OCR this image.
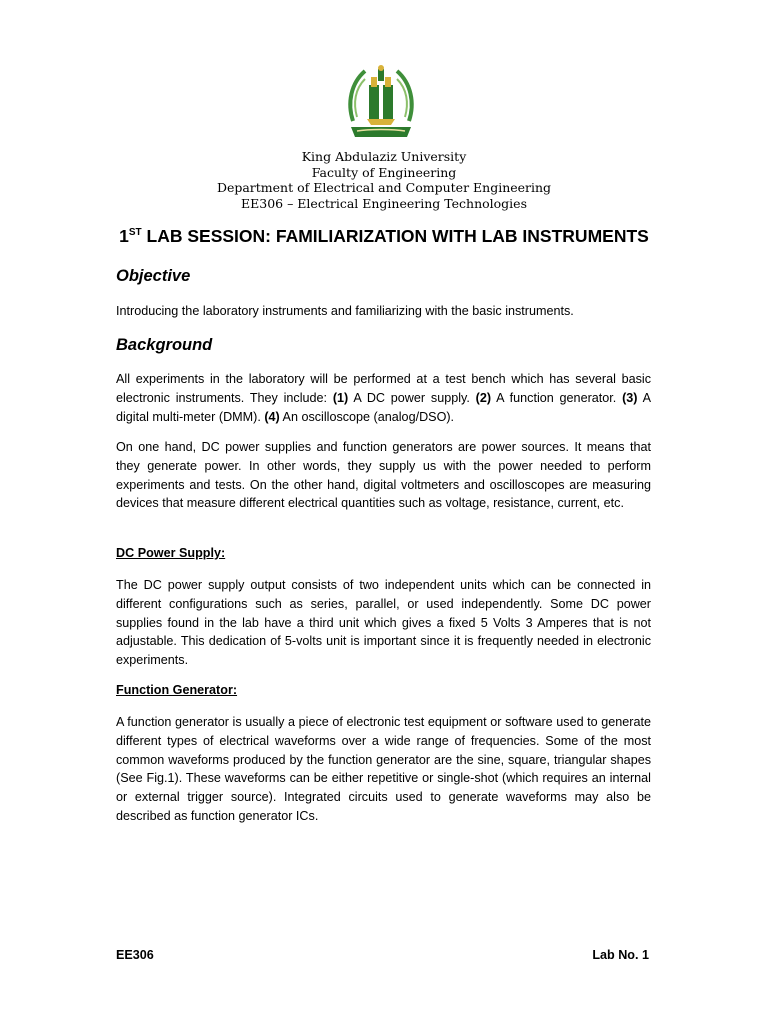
King Abdulaziz University
Faculty of Engineering
Department of Electrical and Computer Engineering
EE306 – Electrical Engineering Technologies
1ST LAB SESSION: FAMILIARIZATION WITH LAB INSTRUMENTS
Objective
Introducing the laboratory instruments and familiarizing with the basic instruments.
Background
All experiments in the laboratory will be performed at a test bench which has several basic electronic instruments. They include: (1) A DC power supply. (2) A function generator. (3) A digital multi-meter (DMM). (4) An oscilloscope (analog/DSO).
On one hand, DC power supplies and function generators are power sources. It means that they generate power. In other words, they supply us with the power needed to perform experiments and tests. On the other hand, digital voltmeters and oscilloscopes are measuring devices that measure different electrical quantities such as voltage, resistance, current, etc.
DC Power Supply:
The DC power supply output consists of two independent units which can be connected in different configurations such as series, parallel, or used independently. Some DC power supplies found in the lab have a third unit which gives a fixed 5 Volts 3 Amperes that is not adjustable. This dedication of 5-volts unit is important since it is frequently needed in electronic experiments.
Function Generator:
A function generator is usually a piece of electronic test equipment or software used to generate different types of electrical waveforms over a wide range of frequencies. Some of the most common waveforms produced by the function generator are the sine, square, triangular shapes (See Fig.1). These waveforms can be either repetitive or single-shot (which requires an internal or external trigger source). Integrated circuits used to generate waveforms may also be described as function generator ICs.
EE306	Lab No. 1
